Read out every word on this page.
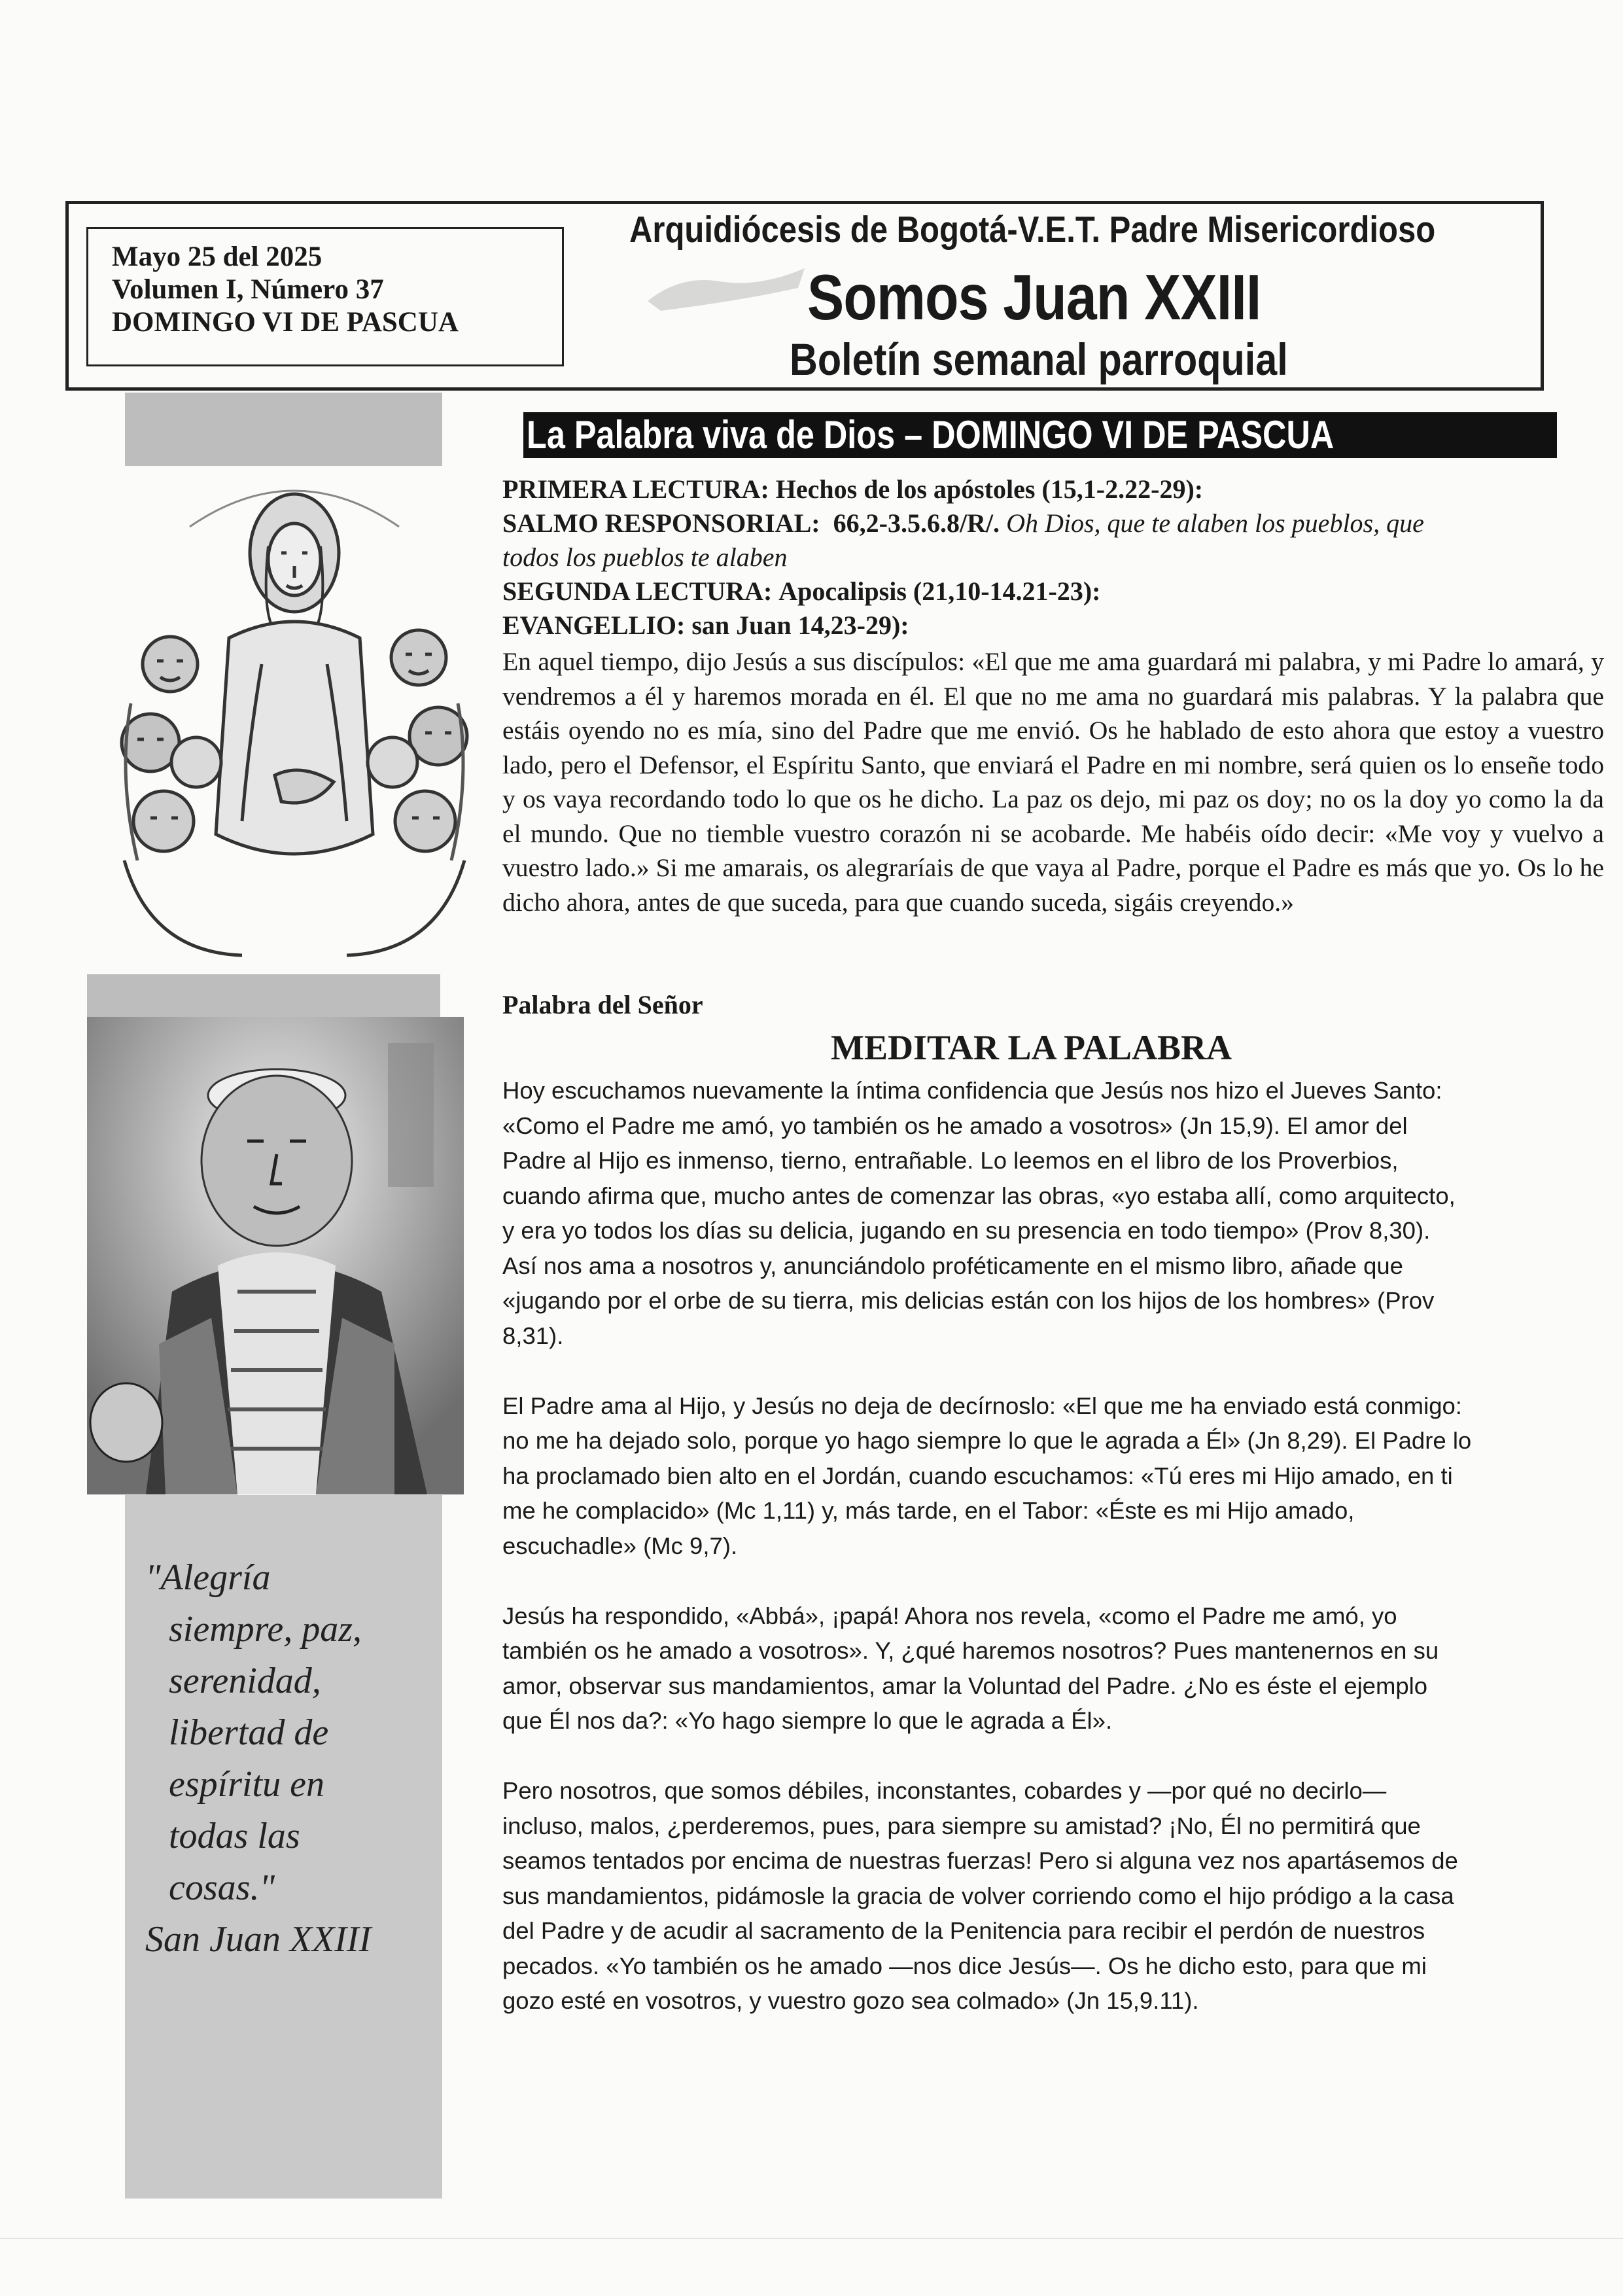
Mayo 25 del 2025
Volumen I, Número 37
DOMINGO VI DE PASCUA
Arquidiócesis de Bogotá-V.E.T. Padre Misericordioso
Somos Juan XXIII
Boletín semanal parroquial
"Alegría
siempre, paz,
serenidad,
libertad de
espíritu en
todas las
cosas."
San Juan XXIII
La Palabra viva de Dios – DOMINGO VI DE PASCUA
PRIMERA LECTURA: Hechos de los apóstoles (15,1-2.22-29):
SALMO RESPONSORIAL: 66,2-3.5.6.8/R/. Oh Dios, que te alaben los pueblos, que
todos los pueblos te alaben
SEGUNDA LECTURA: Apocalipsis (21,10-14.21-23):
EVANGELLIO: san Juan 14,23-29):
En aquel tiempo, dijo Jesús a sus discípulos: «El que me ama guardará mi palabra, y mi Padre lo amará, y vendremos a él y haremos morada en él. El que no me ama no guardará mis palabras. Y la palabra que estáis oyendo no es mía, sino del Padre que me envió. Os he hablado de esto ahora que estoy a vuestro lado, pero el Defensor, el Espíritu Santo, que enviará el Padre en mi nombre, será quien os lo enseñe todo y os vaya recordando todo lo que os he dicho. La paz os dejo, mi paz os doy; no os la doy yo como la da el mundo. Que no tiemble vuestro corazón ni se acobarde. Me habéis oído decir: «Me voy y vuelvo a vuestro lado.» Si me amarais, os alegraríais de que vaya al Padre, porque el Padre es más que yo. Os lo he dicho ahora, antes de que suceda, para que cuando suceda, sigáis creyendo.»
Palabra del Señor
MEDITAR LA PALABRA

Hoy escuchamos nuevamente la íntima confidencia que Jesús nos hizo el Jueves Santo:
«Como el Padre me amó, yo también os he amado a vosotros» (Jn 15,9). El amor del
Padre al Hijo es inmenso, tierno, entrañable. Lo leemos en el libro de los Proverbios,
cuando afirma que, mucho antes de comenzar las obras, «yo estaba allí, como arquitecto,
y era yo todos los días su delicia, jugando en su presencia en todo tiempo» (Prov 8,30).
Así nos ama a nosotros y, anunciándolo proféticamente en el mismo libro, añade que
«jugando por el orbe de su tierra, mis delicias están con los hijos de los hombres» (Prov
8,31).

El Padre ama al Hijo, y Jesús no deja de decírnoslo: «El que me ha enviado está conmigo:
no me ha dejado solo, porque yo hago siempre lo que le agrada a Él» (Jn 8,29). El Padre lo
ha proclamado bien alto en el Jordán, cuando escuchamos: «Tú eres mi Hijo amado, en ti
me he complacido» (Mc 1,11) y, más tarde, en el Tabor: «Éste es mi Hijo amado,
escuchadle» (Mc 9,7).

Jesús ha respondido, «Abbá», ¡papá! Ahora nos revela, «como el Padre me amó, yo
también os he amado a vosotros». Y, ¿qué haremos nosotros? Pues mantenernos en su
amor, observar sus mandamientos, amar la Voluntad del Padre. ¿No es éste el ejemplo
que Él nos da?: «Yo hago siempre lo que le agrada a Él».

Pero nosotros, que somos débiles, inconstantes, cobardes y —por qué no decirlo—
incluso, malos, ¿perderemos, pues, para siempre su amistad? ¡No, Él no permitirá que
seamos tentados por encima de nuestras fuerzas! Pero si alguna vez nos apartásemos de
sus mandamientos, pidámosle la gracia de volver corriendo como el hijo pródigo a la casa
del Padre y de acudir al sacramento de la Penitencia para recibir el perdón de nuestros
pecados. «Yo también os he amado —nos dice Jesús—. Os he dicho esto, para que mi
gozo esté en vosotros, y vuestro gozo sea colmado» (Jn 15,9.11).
